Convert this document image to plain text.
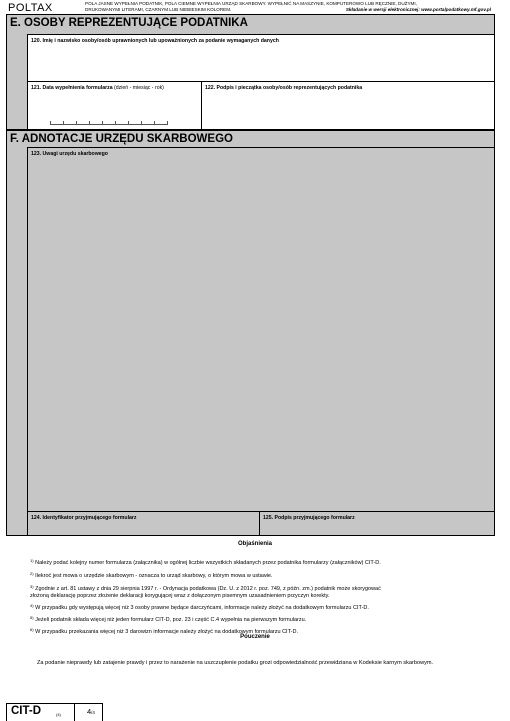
POLTAX	POLA JASNE WYPEŁNIA PODATNIK, POLA CIEMNE WYPEŁNIA URZĄD SKARBOWY. WYPEŁNIĆ NA MASZYNIE, KOMPUTEROWO LUB RĘCZNIE, DUŻYMI,
DRUKOWANYMI LITERAMI, CZARNYM LUB NIEBIESKIM KOLOREM.	Składanie w wersji elektronicznej: www.portalpodatkowy.mf.gov.pl
E. OSOBY REPREZENTUJĄCE PODATNIKA
120. Imię i nazwisko osoby/osób uprawnionych lub upoważnionych za podanie wymaganych danych
121. Data wypełnienia formularza (dzień - miesiąc - rok)	122. Podpis i pieczątka osoby/osób reprezentujących podatnika
F. ADNOTACJE URZĘDU SKARBOWEGO
123. Uwagi urzędu skarbowego
124. Identyfikator przyjmującego formularz	125. Podpis przyjmującego formularz
Objaśnienia
$^{1)}$ Należy podać kolejny numer formularza (załącznika) w ogólnej liczbie wszystkich składanych przez podatnika formularzy (załączników) CIT-D.
$^{2)}$ Ilekroć jest mowa o urzędzie skarbowym - oznacza to urząd skarbowy, o którym mowa w ustawie.
$^{3)}$ Zgodnie z art. 81 ustawy z dnia 29 sierpnia 1997 r. - Ordynacja podatkowa (Dz. U. z 2012 r. poz. 749, z późn. zm.) podatnik może skorygować
złożoną deklarację poprzez złożenie deklaracji korygującej wraz z dołączonym pisemnym uzasadnieniem przyczyn korekty.
$^{4)}$ W przypadku gdy występują więcej niż 3 osoby prawne będące darczyńcami, informacje należy złożyć na dodatkowym formularzu CIT-D.
$^{5)}$ Jeżeli podatnik składa więcej niż jeden formularz CIT-D, poz. 23 i część C.4 wypełnia na pierwszym formularzu.
$^{6)}$ W przypadku przekazania więcej niż 3 darowizn informacje należy złożyć na dodatkowym formularzu CIT-D.
Pouczenie
Za podanie nieprawdy lub zatajenie prawdy i przez to narażenie na uszczuplenie podatku grozi odpowiedzialność przewidziana w Kodeksie karnym skarbowym.
CIT-D	(4)	4/4
